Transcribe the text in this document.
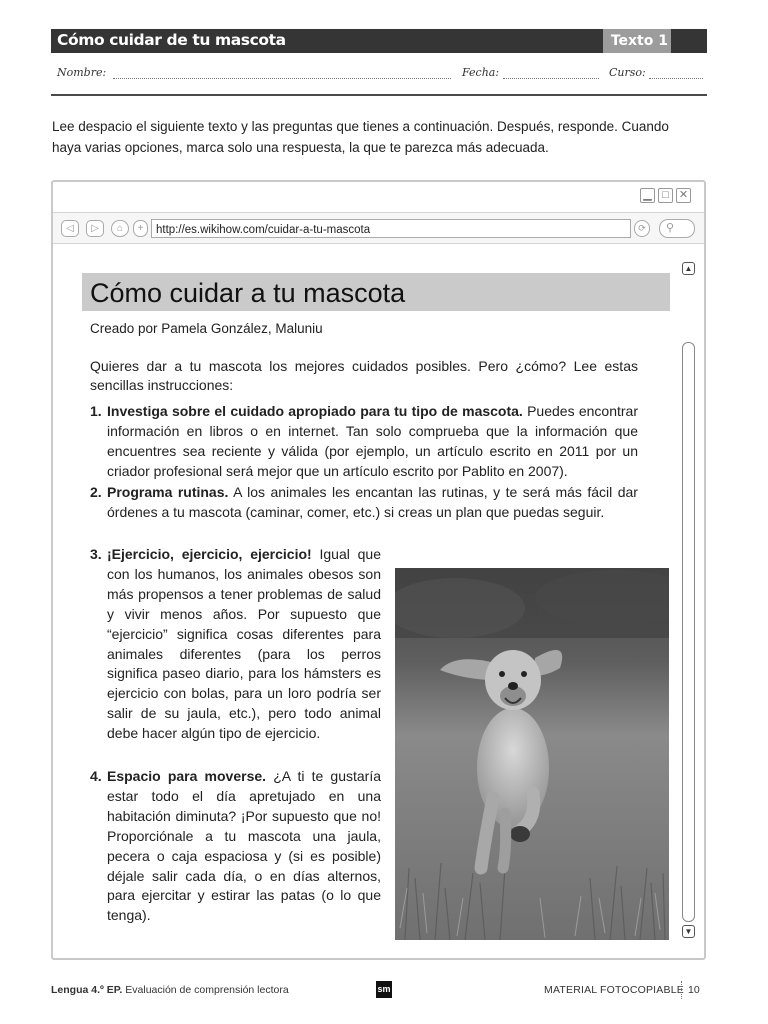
Cómo cuidar de tu mascota	Texto 1
Nombre:	Fecha:	Curso:

Lee despacio el siguiente texto y las preguntas que tienes a continuación. Después, responde. Cuando haya varias opciones, marca solo una respuesta, la que te parezca más adecuada.

▁ □ ✕
◁	▷	⌂	+
http://es.wikihow.com/cuidar-a-tu-mascota	⟳	⚲
▲
▼
Cómo cuidar a tu mascota
Creado por Pamela González, Maluniu

Quieres dar a tu mascota los mejores cuidados posibles. Pero ¿cómo? Lee estas sencillas instrucciones:

1. Investiga sobre el cuidado apropiado para tu tipo de mascota. Puedes encontrar información en libros o en internet. Tan solo comprueba que la información que encuentres sea reciente y válida (por ejemplo, un artículo escrito en 2011 por un criador profesional será mejor que un artículo escrito por Pablito en 2007).
2. Programa rutinas. A los animales les encantan las rutinas, y te será más fácil dar órdenes a tu mascota (caminar, comer, etc.) si creas un plan que puedas seguir.
3. ¡Ejercicio, ejercicio, ejercicio! Igual que con los humanos, los animales obesos son más propensos a tener problemas de salud y vivir menos años. Por supuesto que “ejercicio” significa cosas diferentes para animales diferentes (para los perros significa paseo diario, para los hámsters es ejercicio con bolas, para un loro podría ser salir de su jaula, etc.), pero todo animal debe hacer algún tipo de ejercicio.
4. Espacio para moverse. ¿A ti te gustaría estar todo el día apretujado en una habitación diminuta? ¡Por supuesto que no! Proporciónale a tu mascota una jaula, pecera o caja espaciosa y (si es posible) déjale salir cada día, o en días alternos, para ejercitar y estirar las patas (o lo que tenga).
Lengua 4.º EP. Evaluación de comprensión lectora	sm	MATERIAL FOTOCOPIABLE 10
